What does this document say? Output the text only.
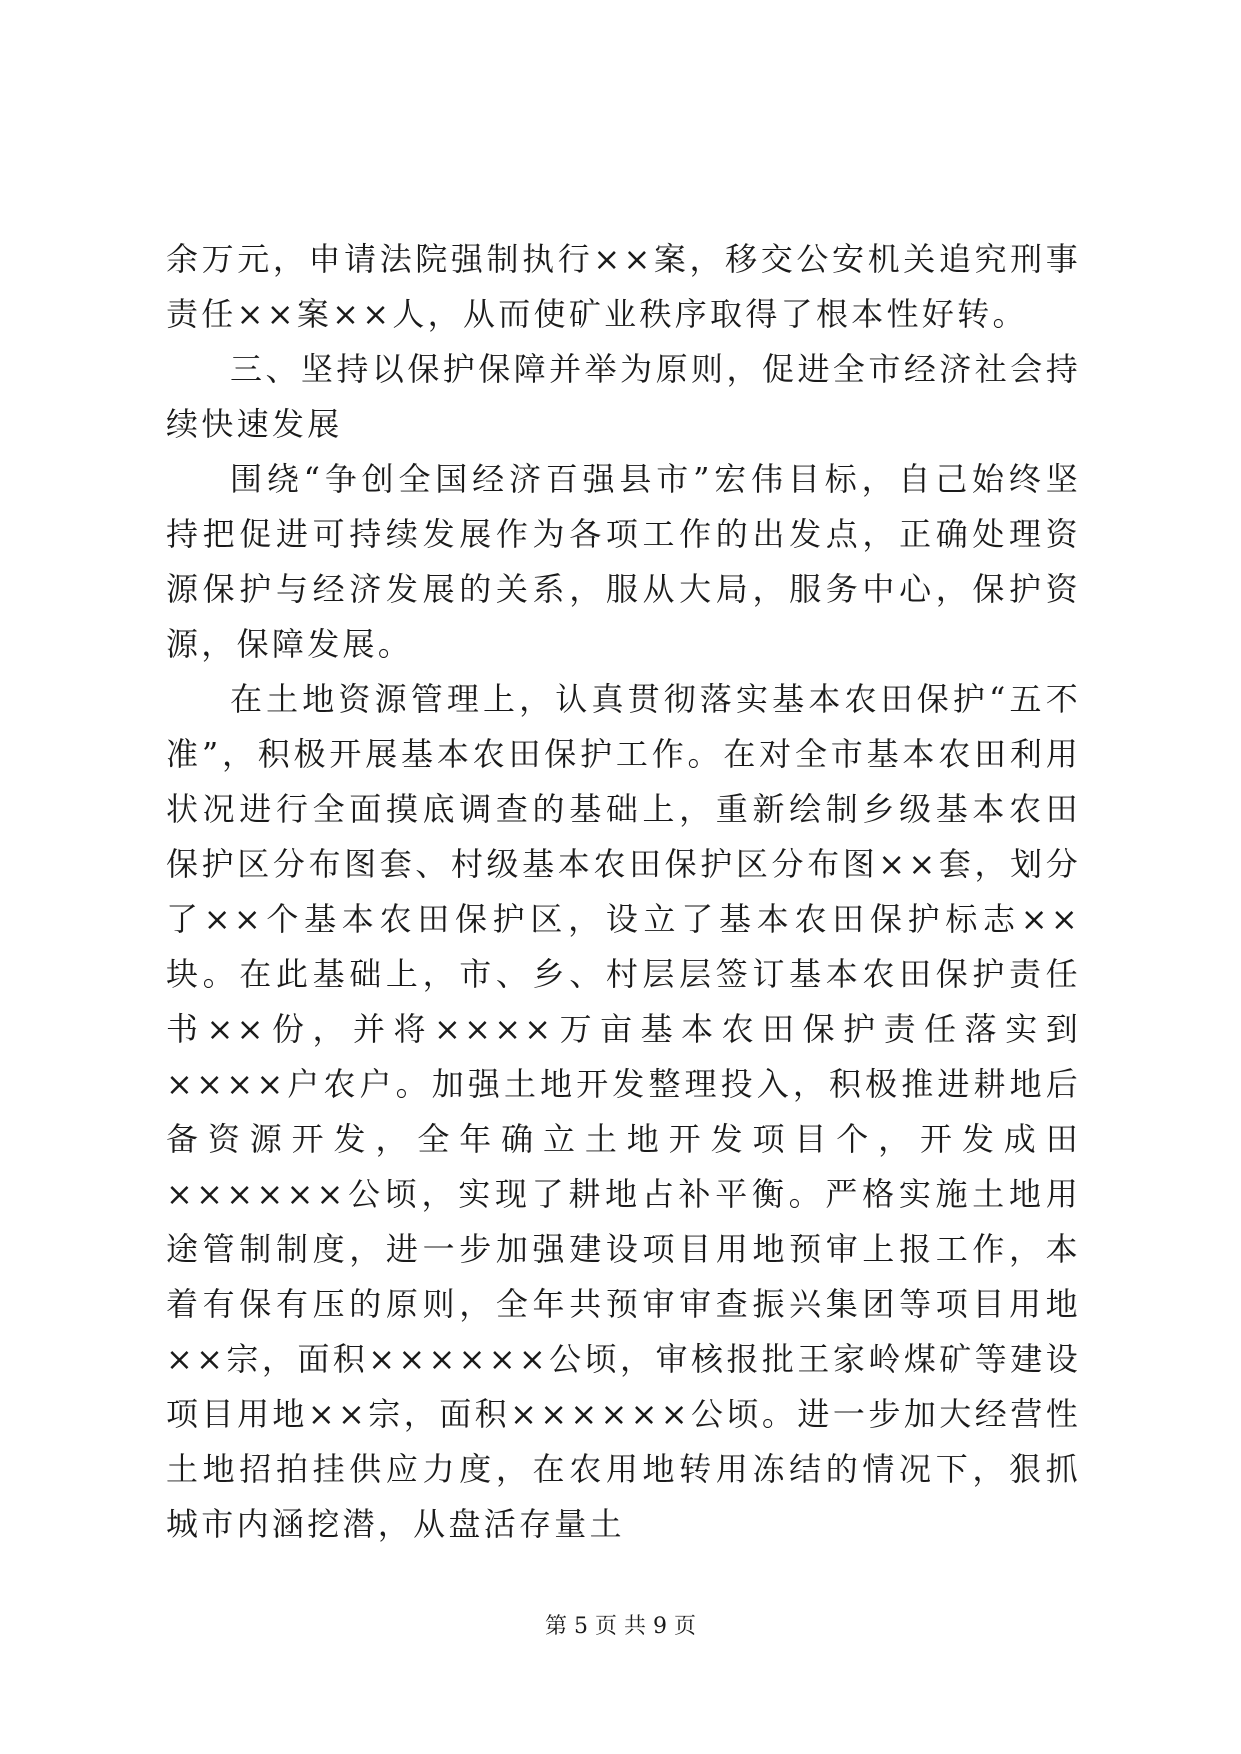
余万元，申请法院强制执行××案，移交公安机关追究刑事责任××案××人，从而使矿业秩序取得了根本性好转。

三、坚持以保护保障并举为原则，促进全市经济社会持续快速发展

围绕“争创全国经济百强县市”宏伟目标，自己始终坚持把促进可持续发展作为各项工作的出发点，正确处理资源保护与经济发展的关系，服从大局，服务中心，保护资源，保障发展。

在土地资源管理上，认真贯彻落实基本农田保护“五不准”，积极开展基本农田保护工作。在对全市基本农田利用状况进行全面摸底调查的基础上，重新绘制乡级基本农田保护区分布图套、村级基本农田保护区分布图××套，划分了××个基本农田保护区，设立了基本农田保护标志××块。在此基础上，市、乡、村层层签订基本农田保护责任书××份，并将××××万亩基本农田保护责任落实到××××户农户。加强土地开发整理投入，积极推进耕地后备资源开发，全年确立土地开发项目个，开发成田××××××公顷，实现了耕地占补平衡。严格实施土地用途管制制度，进一步加强建设项目用地预审上报工作，本着有保有压的原则，全年共预审审查振兴集团等项目用地××宗，面积××××××公顷，审核报批王家岭煤矿等建设项目用地××宗，面积××××××公顷。进一步加大经营性土地招拍挂供应力度，在农用地转用冻结的情况下，狠抓城市内涵挖潜，从盘活存量土

第 5 页 共 9 页
